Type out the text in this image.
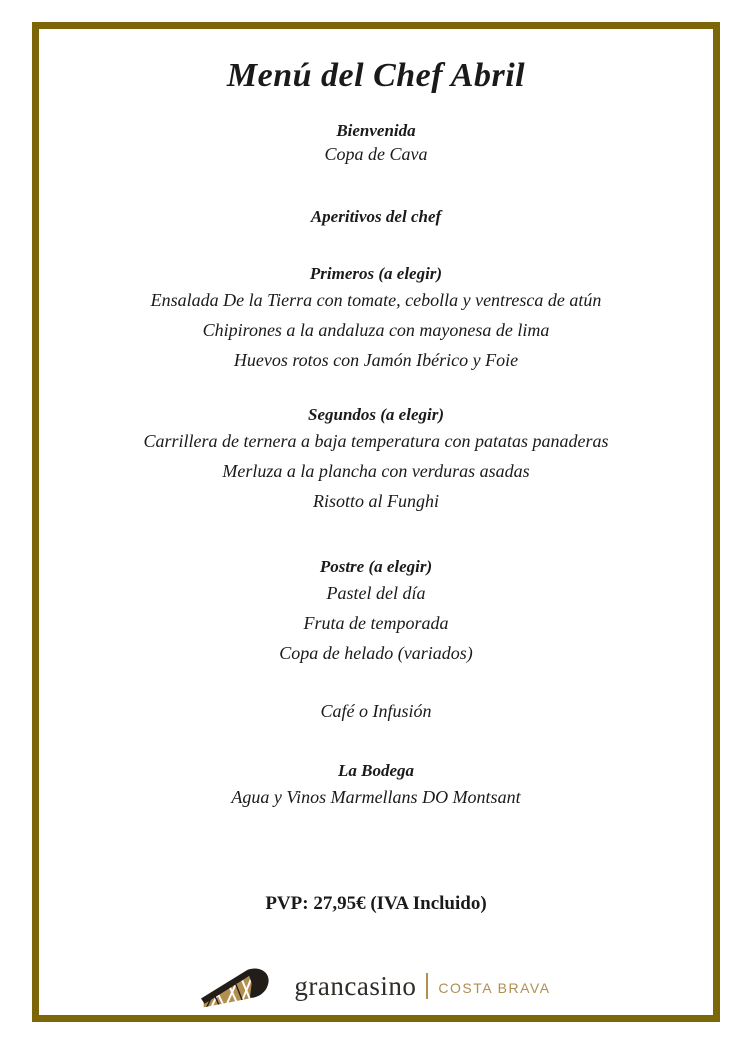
Menú del Chef Abril
Bienvenida
Copa de Cava
Aperitivos del chef
Primeros (a elegir)
Ensalada De la Tierra con tomate, cebolla y ventresca de atún
Chipirones a la andaluza con mayonesa de lima
Huevos rotos con Jamón Ibérico y Foie
Segundos (a elegir)
Carrillera de ternera a baja temperatura con patatas panaderas
Merluza a la plancha con verduras asadas
Risotto al Funghi
Postre (a elegir)
Pastel del día
Fruta de temporada
Copa de helado (variados)
Café o Infusión
La Bodega
Agua y Vinos Marmellans DO Montsant
PVP: 27,95€ (IVA Incluido)
grancasino COSTA BRAVA
